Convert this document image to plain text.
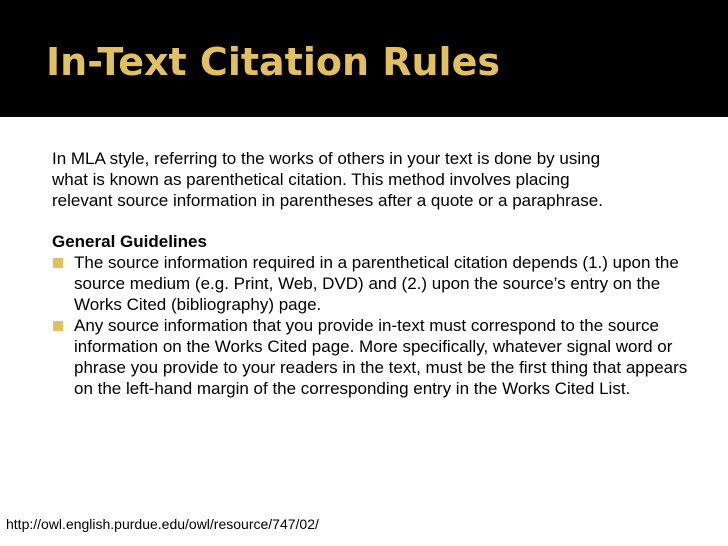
In-Text Citation Rules

In MLA style, referring to the works of others in your text is done by using what is known as parenthetical citation. This method involves placing relevant source information in parentheses after a quote or a paraphrase.

General Guidelines

The source information required in a parenthetical citation depends (1.) upon the source medium (e.g. Print, Web, DVD) and (2.) upon the source’s entry on the Works Cited (bibliography) page.
Any source information that you provide in-text must correspond to the source information on the Works Cited page. More specifically, whatever signal word or phrase you provide to your readers in the text, must be the first thing that appears on the left-hand margin of the corresponding entry in the Works Cited List.
http://owl.english.purdue.edu/owl/resource/747/02/
